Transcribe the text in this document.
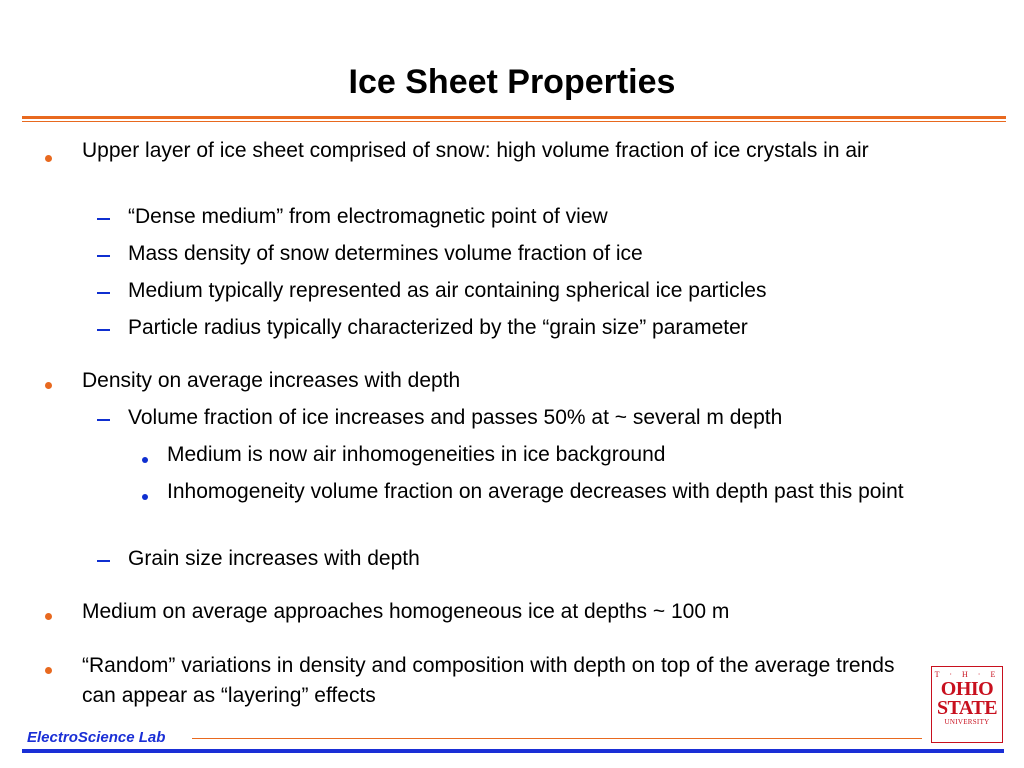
Ice Sheet Properties
Upper layer of ice sheet comprised of snow: high volume fraction of ice crystals in air
“Dense medium” from electromagnetic point of view
Mass density of snow determines volume fraction of ice
Medium typically represented as air containing spherical ice particles
Particle radius typically characterized by the “grain size” parameter
Density on average increases with depth
Volume fraction of ice increases and passes 50% at ~ several m depth
Medium is now air inhomogeneities in ice background
Inhomogeneity volume fraction on average decreases with depth past this point
Grain size increases with depth
Medium on average approaches homogeneous ice at depths ~ 100 m
“Random” variations in density and composition with depth on top of the average trends can appear as “layering” effects
ElectroScience Lab
T · H · E
OHIO
STATE
UNIVERSITY
